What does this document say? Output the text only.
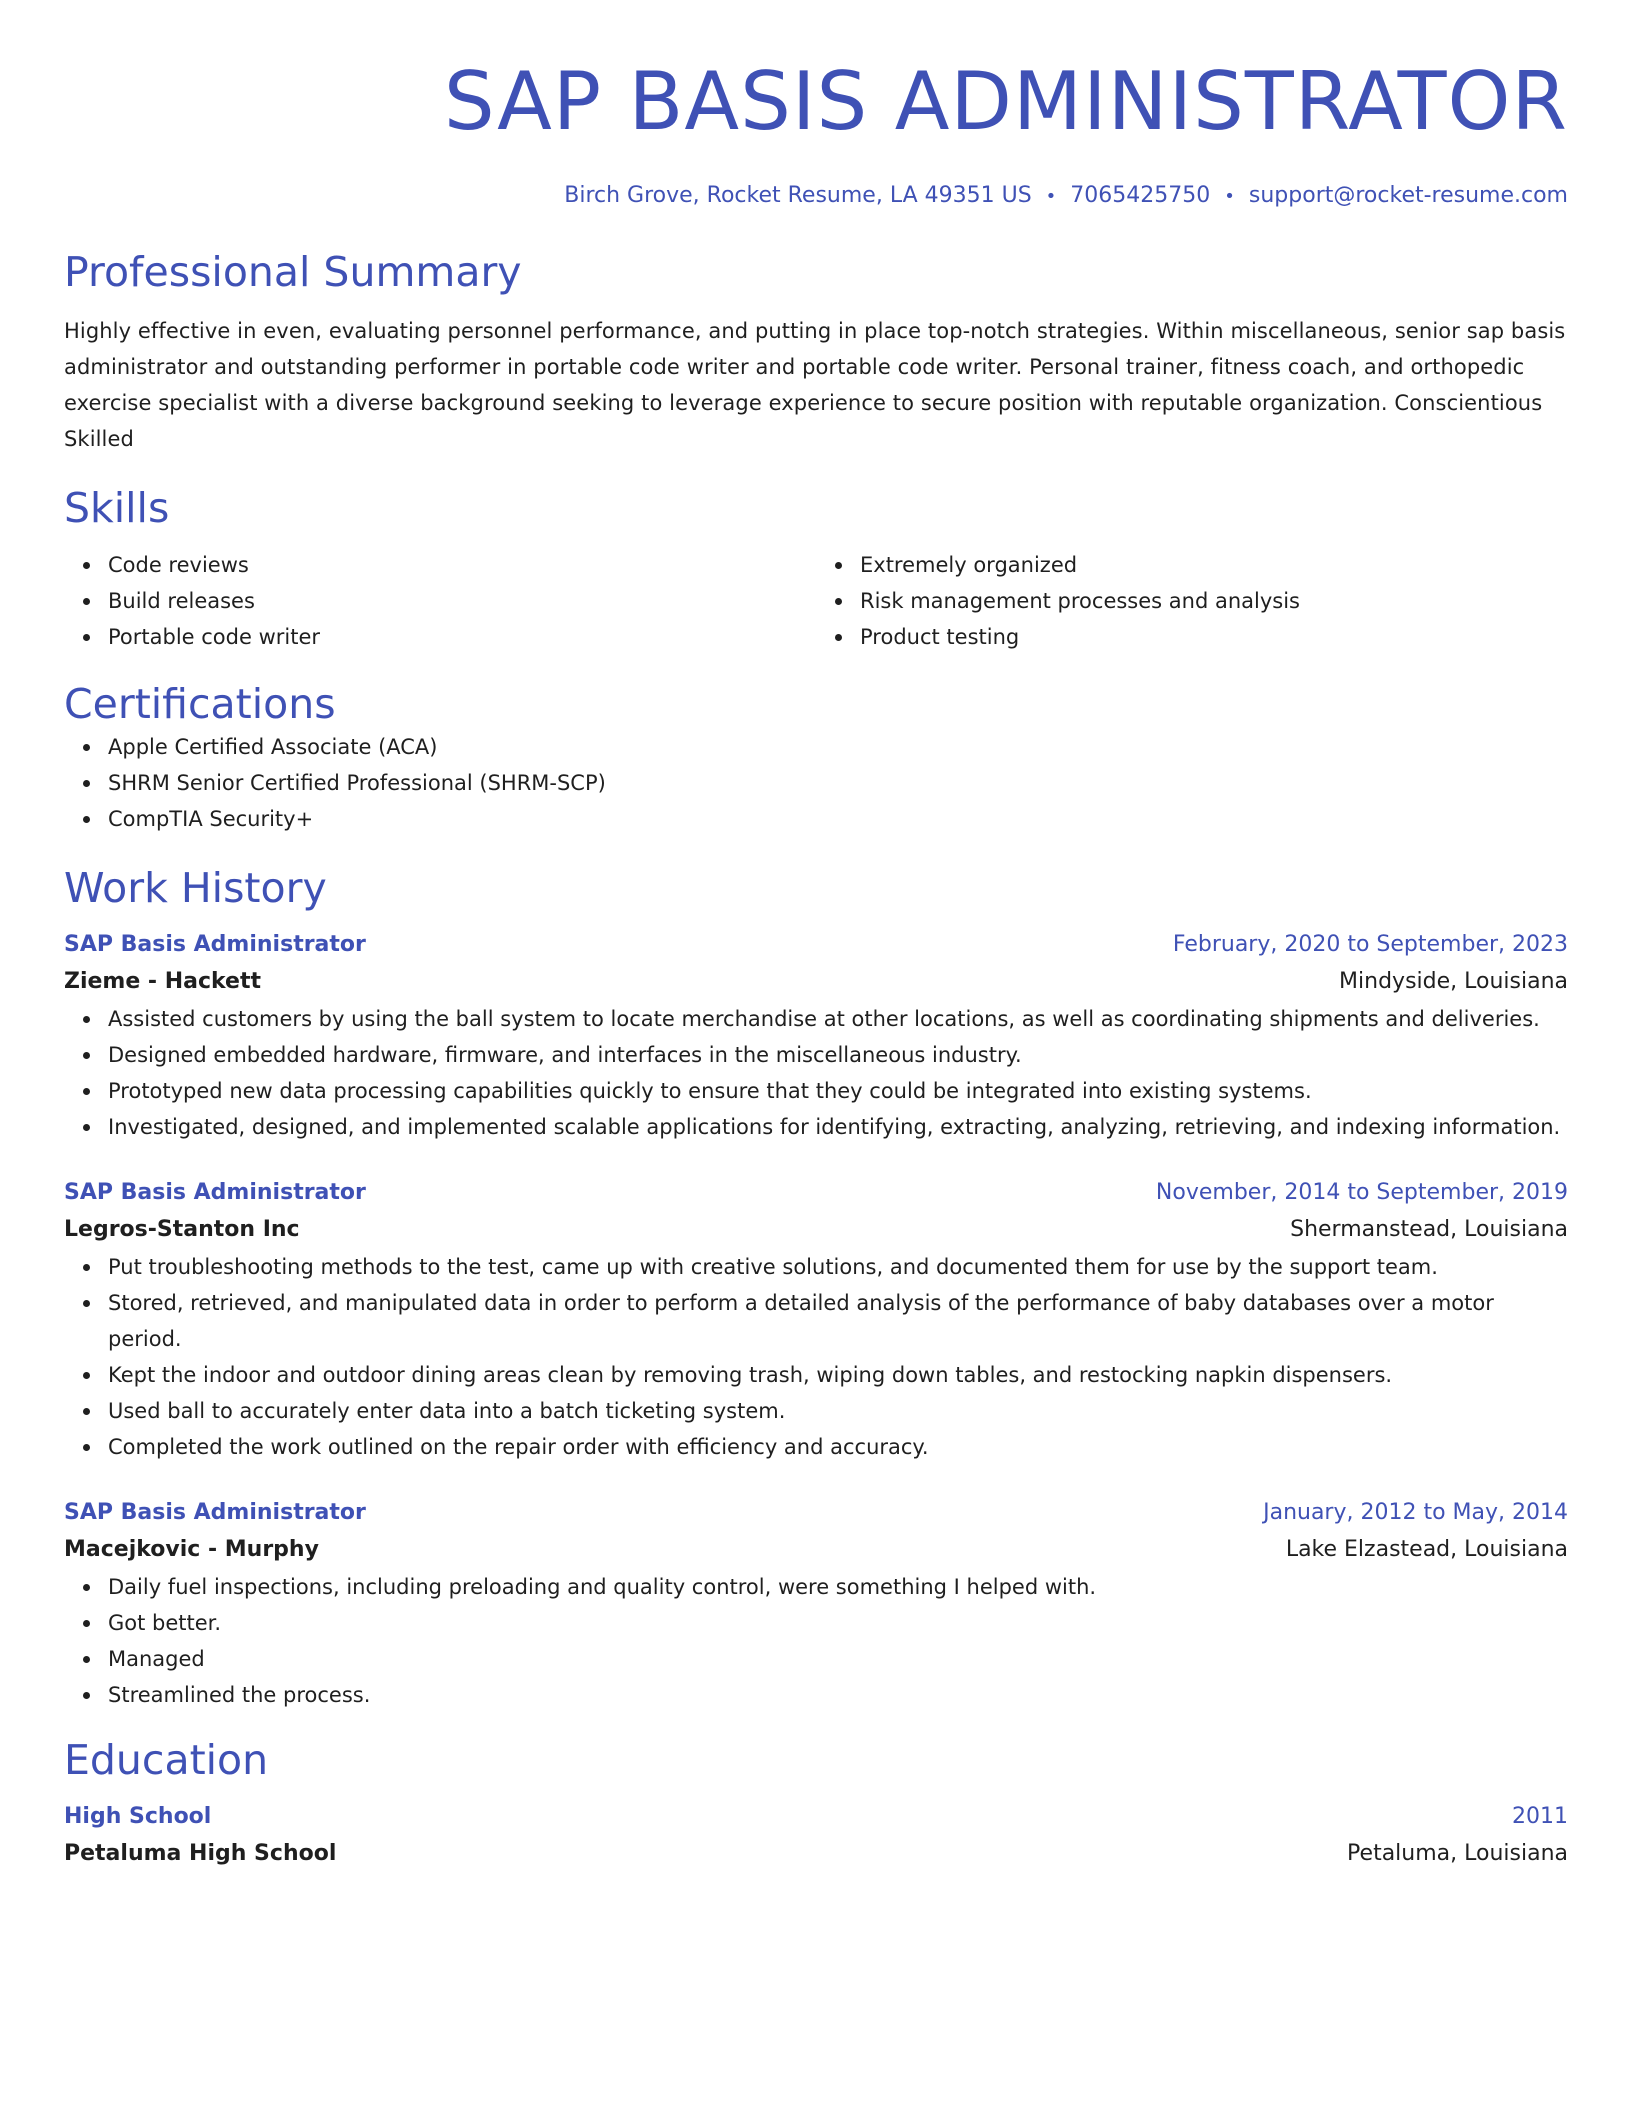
SAP BASIS ADMINISTRATOR
Birch Grove, Rocket Resume, LA 49351 US • 7065425750 • support@rocket-resume.com
Professional Summary
Highly effective in even, evaluating personnel performance, and putting in place top-notch strategies. Within miscellaneous, senior sap basis administrator and outstanding performer in portable code writer and portable code writer. Personal trainer, fitness coach, and orthopedic exercise specialist with a diverse background seeking to leverage experience to secure position with reputable organization. Conscientious Skilled
Skills
Code reviews
Build releases
Portable code writer
Extremely organized
Risk management processes and analysis
Product testing
Certifications
Apple Certified Associate (ACA)
SHRM Senior Certified Professional (SHRM-SCP)
CompTIA Security+
Work History
SAP Basis Administrator	February, 2020 to September, 2023
Zieme - Hackett	Mindyside, Louisiana
Assisted customers by using the ball system to locate merchandise at other locations, as well as coordinating shipments and deliveries.
Designed embedded hardware, firmware, and interfaces in the miscellaneous industry.
Prototyped new data processing capabilities quickly to ensure that they could be integrated into existing systems.
Investigated, designed, and implemented scalable applications for identifying, extracting, analyzing, retrieving, and indexing information.
SAP Basis Administrator	November, 2014 to September, 2019
Legros-Stanton Inc	Shermanstead, Louisiana
Put troubleshooting methods to the test, came up with creative solutions, and documented them for use by the support team.
Stored, retrieved, and manipulated data in order to perform a detailed analysis of the performance of baby databases over a motor period.
Kept the indoor and outdoor dining areas clean by removing trash, wiping down tables, and restocking napkin dispensers.
Used ball to accurately enter data into a batch ticketing system.
Completed the work outlined on the repair order with efficiency and accuracy.
SAP Basis Administrator	January, 2012 to May, 2014
Macejkovic - Murphy	Lake Elzastead, Louisiana
Daily fuel inspections, including preloading and quality control, were something I helped with.
Got better.
Managed
Streamlined the process.
Education
High School	2011
Petaluma High School	Petaluma, Louisiana
